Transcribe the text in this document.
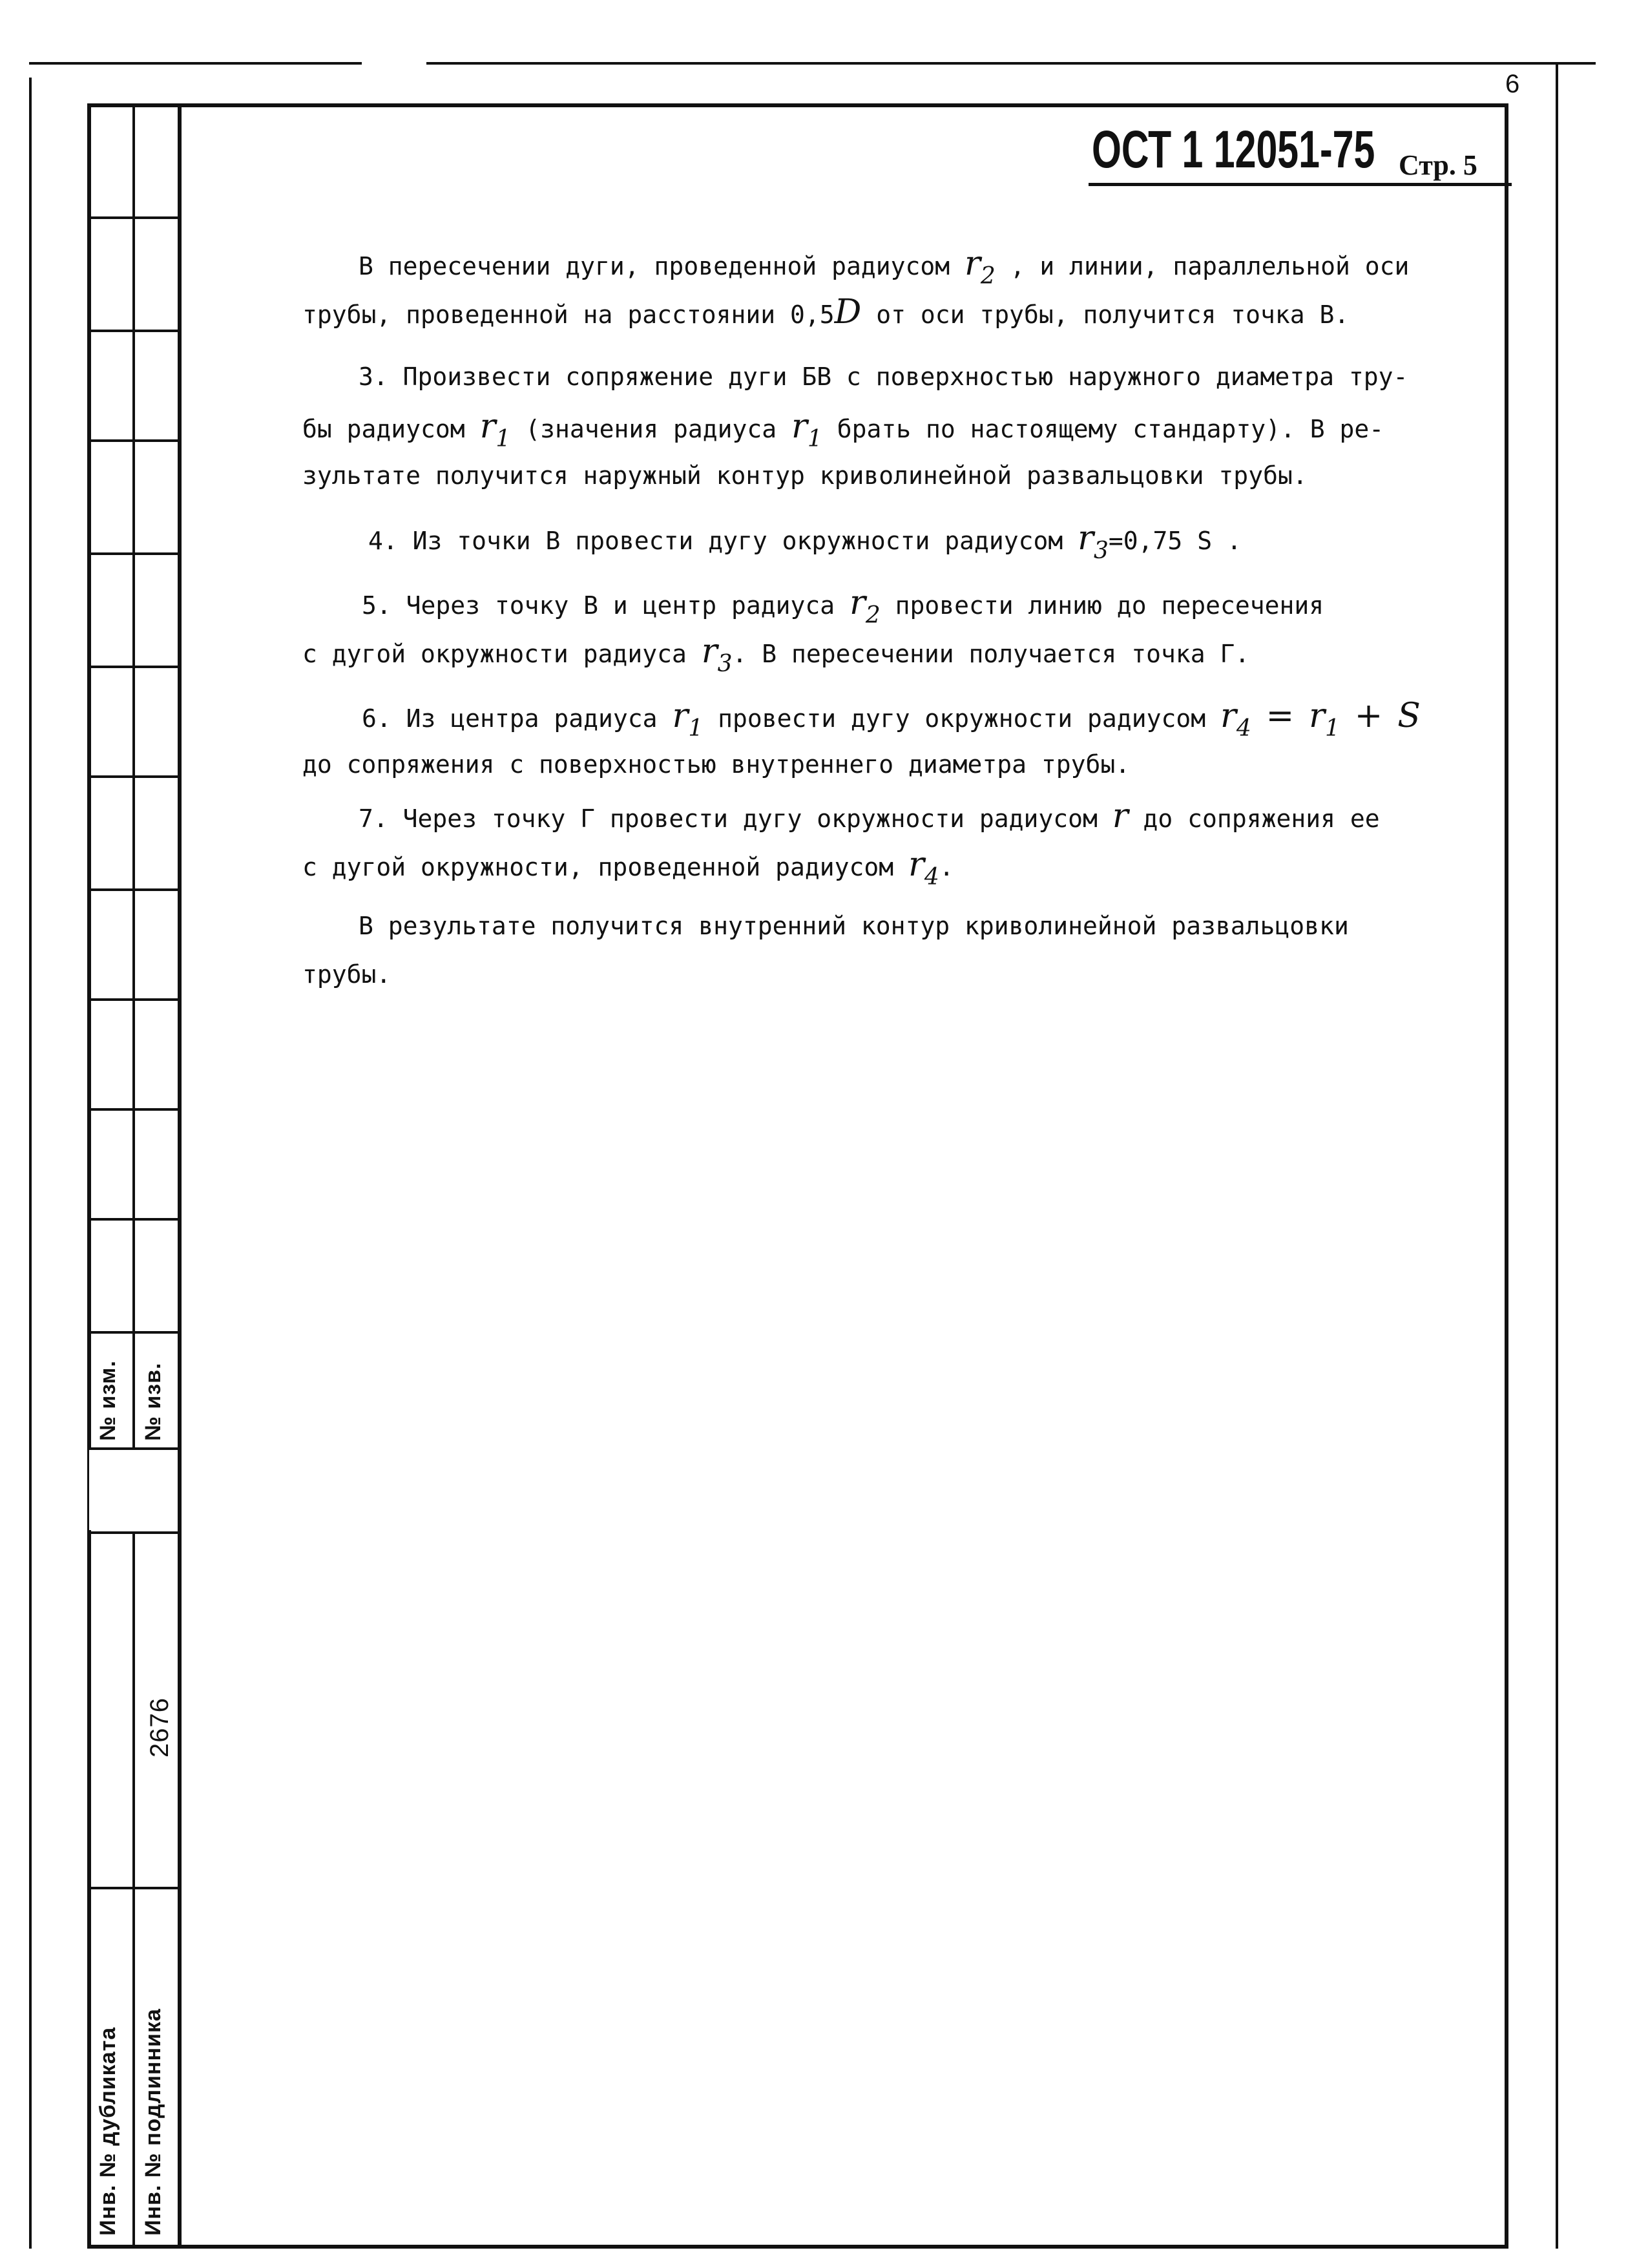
6
№ изм. № изв.
Инв. № дубликата Инв. № подлинника
2676
ОСТ 1 12051-75 Стр. 5
В пересечении дуги, проведенной радиусом r2 , и линии, параллельной оси
трубы, проведенной на расстоянии 0,5D от оси трубы, получится точка В.
3. Произвести сопряжение дуги БВ с поверхностью наружного диаметра тру-
бы радиусом r1 (значения радиуса r1 брать по настоящему стандарту). В ре-
зультате получится наружный контур криволинейной развальцовки трубы.
4. Из точки В провести дугу окружности радиусом r3=0,75 S .
5. Через точку В и центр радиуса r2 провести линию до пересечения
с дугой окружности радиуса r3. В пересечении получается точка Г.
6. Из центра радиуса r1 провести дугу окружности радиусом r4 = r1 + S
до сопряжения с поверхностью внутреннего диаметра трубы.
7. Через точку Г провести дугу окружности радиусом r до сопряжения ее
с дугой окружности, проведенной радиусом r4.
В результате получится внутренний контур криволинейной развальцовки
трубы.
